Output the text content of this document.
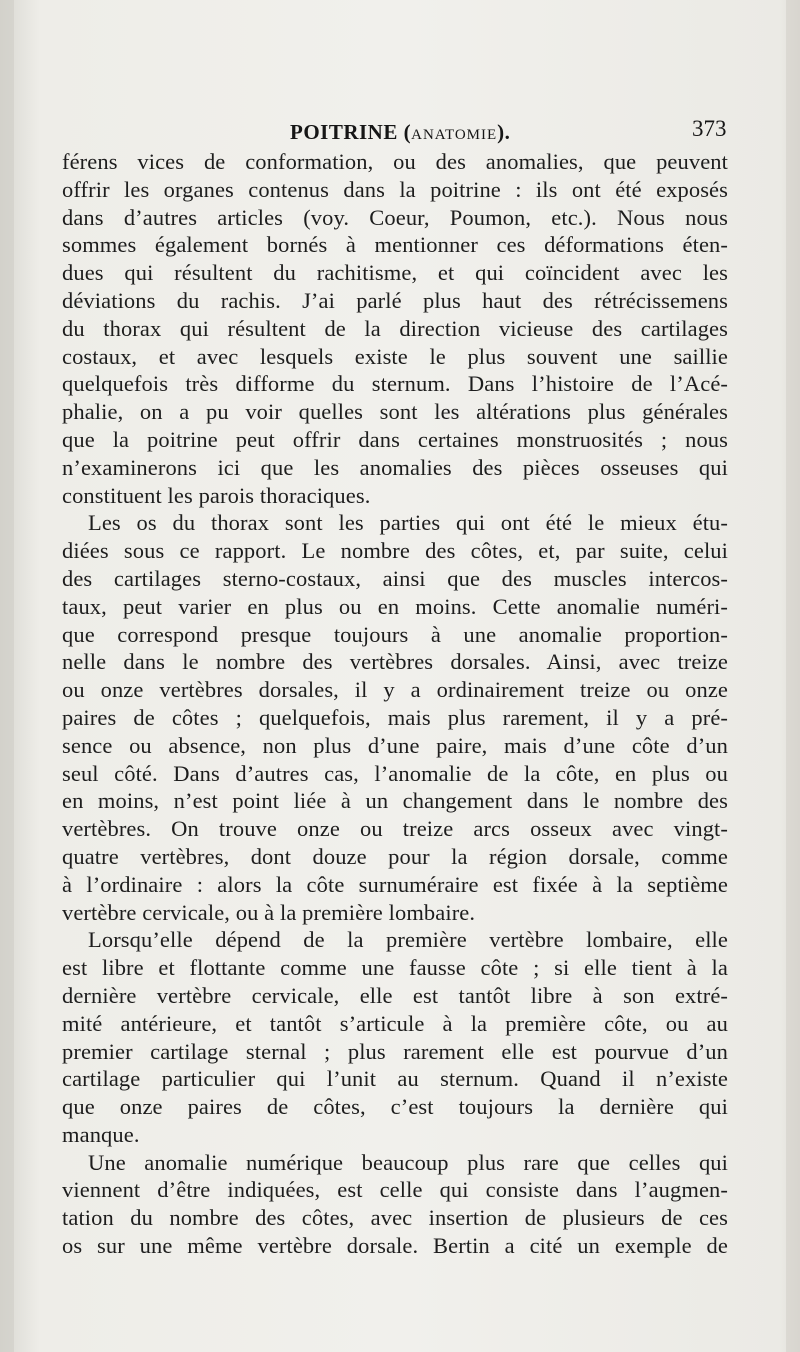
POITRINE (anatomie).	373
férens vices de conformation, ou des anomalies, que peuvent
offrir les organes contenus dans la poitrine : ils ont été exposés
dans d’autres articles (voy. Coeur, Poumon, etc.). Nous nous
sommes également bornés à mentionner ces déformations éten-
dues qui résultent du rachitisme, et qui coïncident avec les
déviations du rachis. J’ai parlé plus haut des rétrécissemens
du thorax qui résultent de la direction vicieuse des cartilages
costaux, et avec lesquels existe le plus souvent une saillie
quelquefois très difforme du sternum. Dans l’histoire de l’Acé-
phalie, on a pu voir quelles sont les altérations plus générales
que la poitrine peut offrir dans certaines monstruosités ; nous
n’examinerons ici que les anomalies des pièces osseuses qui
constituent les parois thoraciques.
Les os du thorax sont les parties qui ont été le mieux étu-
diées sous ce rapport. Le nombre des côtes, et, par suite, celui
des cartilages sterno-costaux, ainsi que des muscles intercos-
taux, peut varier en plus ou en moins. Cette anomalie numéri-
que correspond presque toujours à une anomalie proportion-
nelle dans le nombre des vertèbres dorsales. Ainsi, avec treize
ou onze vertèbres dorsales, il y a ordinairement treize ou onze
paires de côtes ; quelquefois, mais plus rarement, il y a pré-
sence ou absence, non plus d’une paire, mais d’une côte d’un
seul côté. Dans d’autres cas, l’anomalie de la côte, en plus ou
en moins, n’est point liée à un changement dans le nombre des
vertèbres. On trouve onze ou treize arcs osseux avec vingt-
quatre vertèbres, dont douze pour la région dorsale, comme
à l’ordinaire : alors la côte surnuméraire est fixée à la septième
vertèbre cervicale, ou à la première lombaire.
Lorsqu’elle dépend de la première vertèbre lombaire, elle
est libre et flottante comme une fausse côte ; si elle tient à la
dernière vertèbre cervicale, elle est tantôt libre à son extré-
mité antérieure, et tantôt s’articule à la première côte, ou au
premier cartilage sternal ; plus rarement elle est pourvue d’un
cartilage particulier qui l’unit au sternum. Quand il n’existe
que onze paires de côtes, c’est toujours la dernière qui
manque.
Une anomalie numérique beaucoup plus rare que celles qui
viennent d’être indiquées, est celle qui consiste dans l’augmen-
tation du nombre des côtes, avec insertion de plusieurs de ces
os sur une même vertèbre dorsale. Bertin a cité un exemple de
